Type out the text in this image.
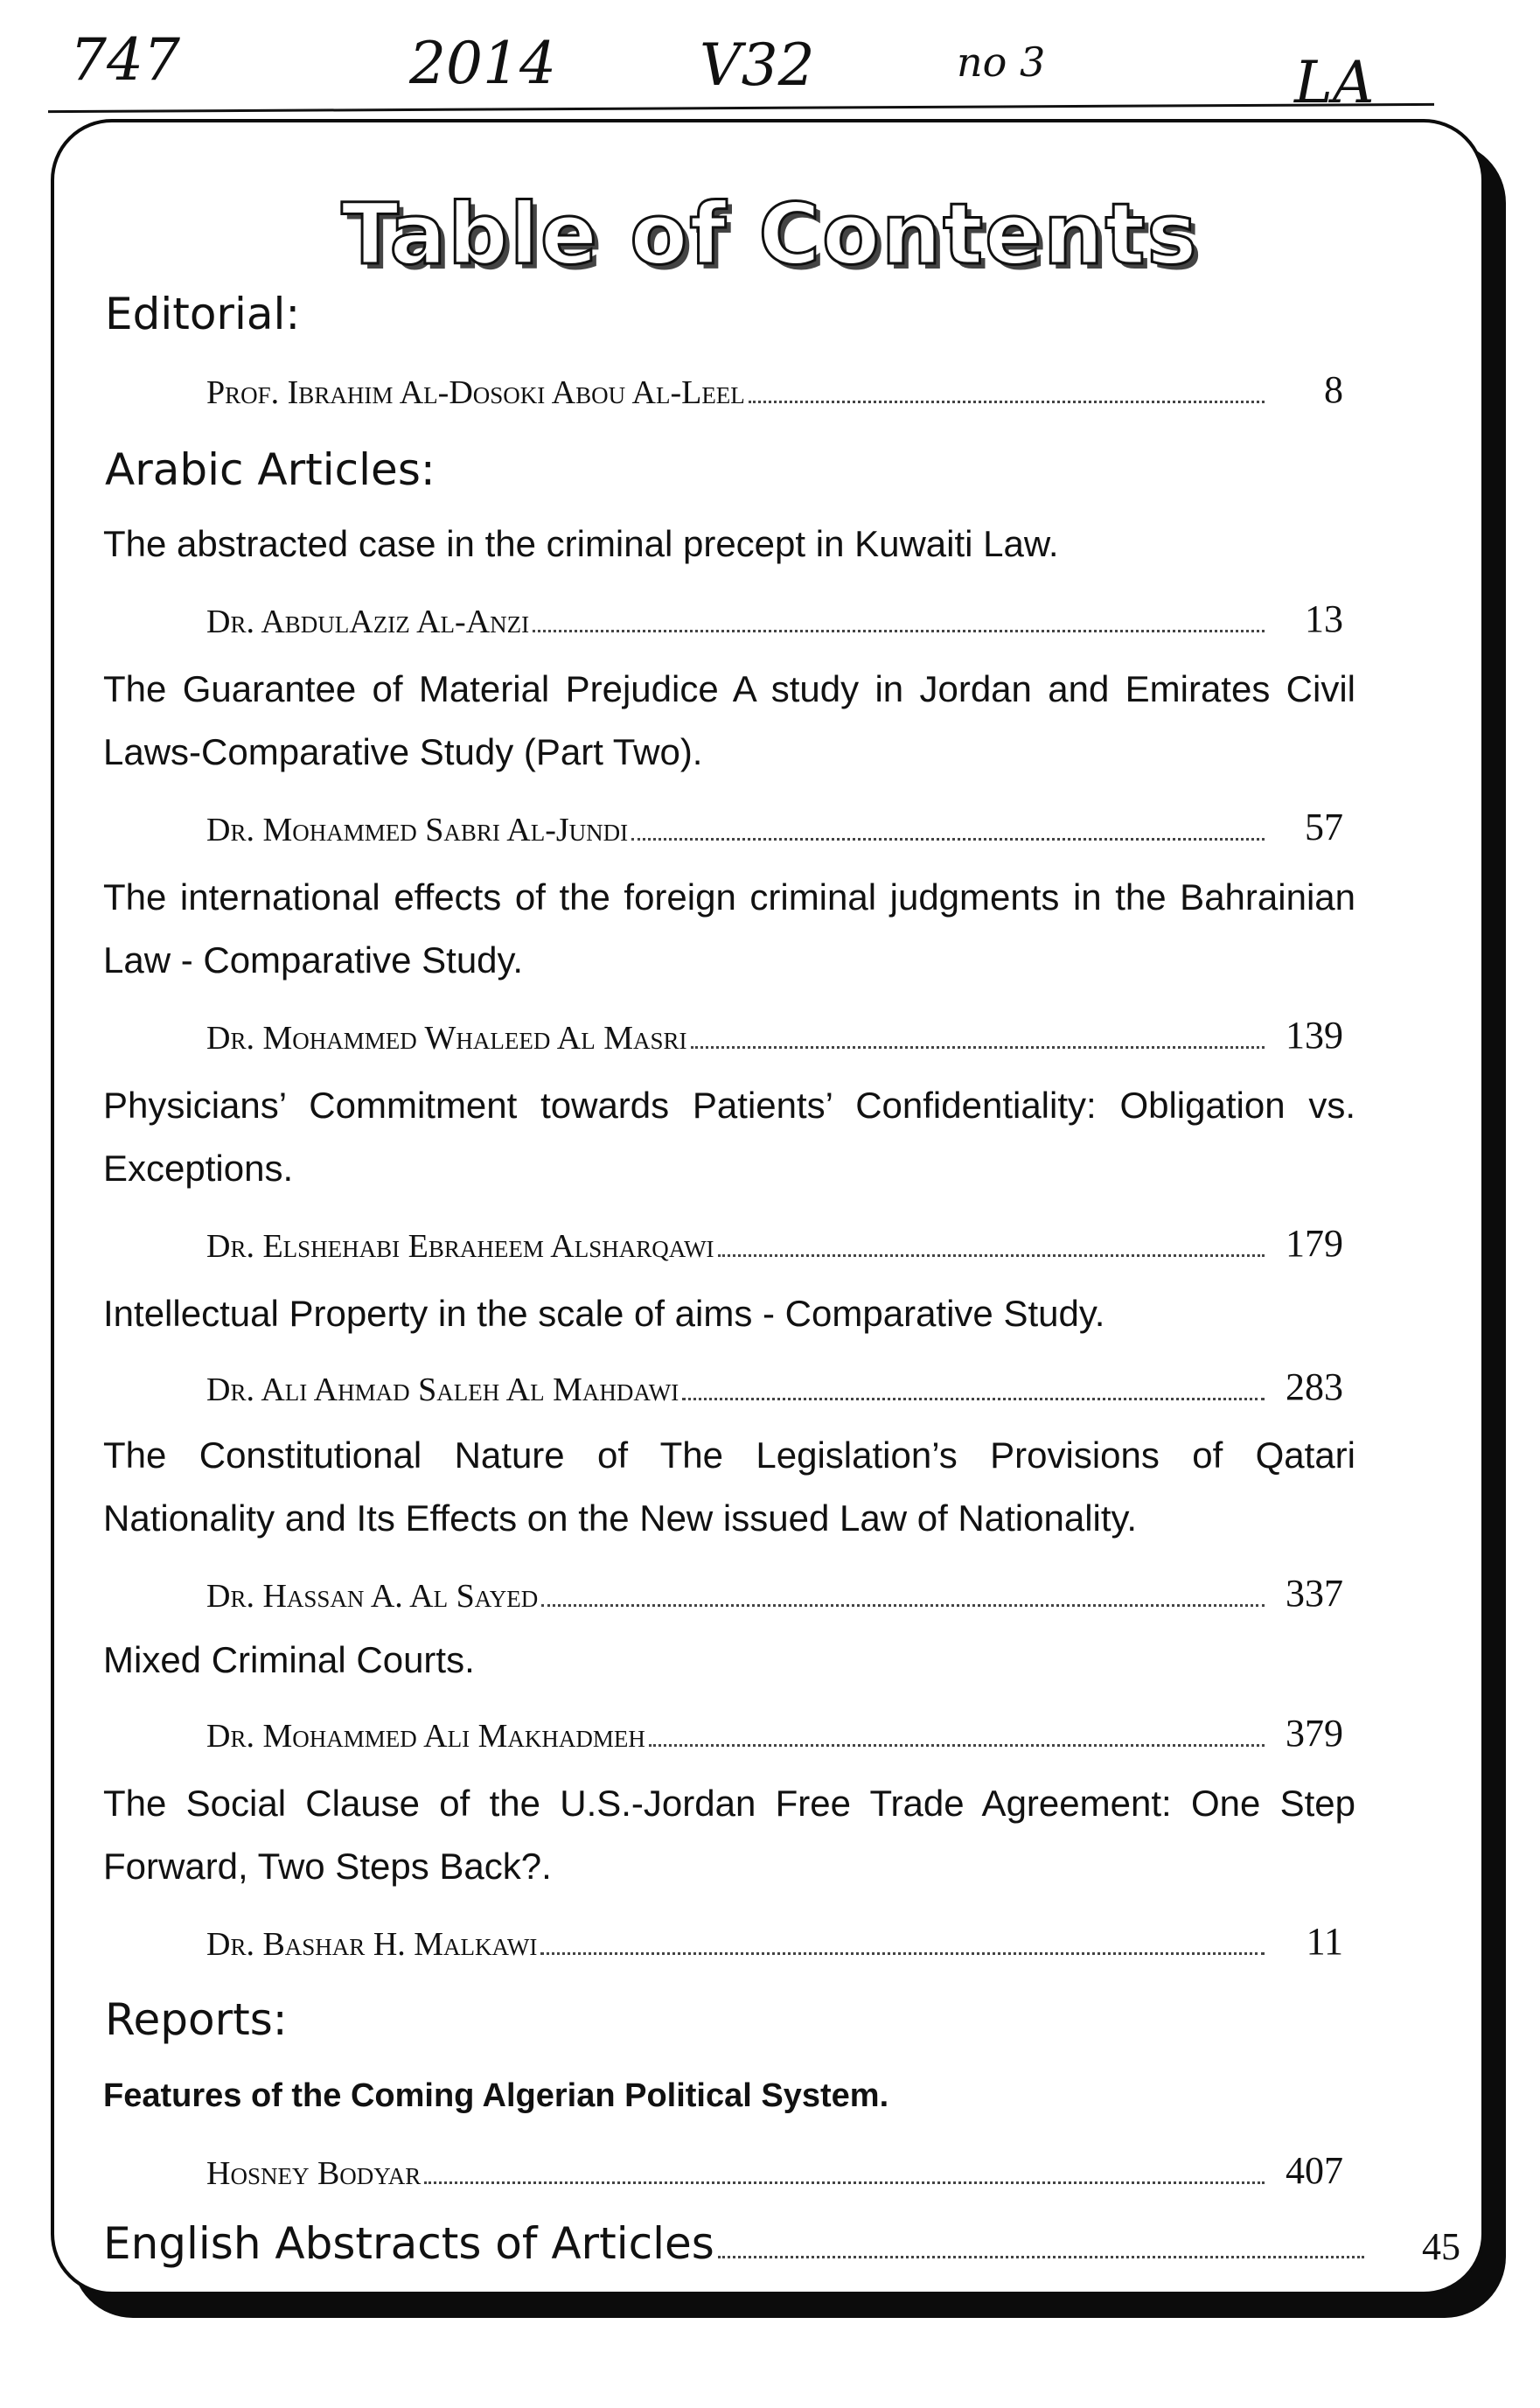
747	2014 V32	no 3	LA
Table of Contents
Editorial:
Prof. Ibrahim Al-Dosoki Abou Al-Leel	8
Arabic Articles:
The abstracted case in the criminal precept in Kuwaiti Law.
Dr. AbdulAziz Al-Anzi	13
The Guarantee of Material Prejudice A study in Jordan and Emirates Civil Laws-Comparative Study (Part Two).
Dr. Mohammed Sabri Al-Jundi	57
The international effects of the foreign criminal judgments in the Bahrainian Law - Comparative Study.
Dr. Mohammed Whaleed Al Masri	139
Physicians’ Commitment towards Patients’ Confidentiality: Obligation vs. Exceptions.
Dr. Elshehabi Ebraheem Alsharqawi	179
Intellectual Property in the scale of aims - Comparative Study.
Dr. Ali Ahmad Saleh Al Mahdawi	283
The Constitutional Nature of The Legislation’s Provisions of Qatari Nationality and Its Effects on the New issued Law of Nationality.
Dr. Hassan A. Al Sayed	337
Mixed Criminal Courts.
Dr. Mohammed Ali Makhadmeh	379
The Social Clause of the U.S.-Jordan Free Trade Agreement: One Step Forward, Two Steps Back?.
Dr. Bashar H. Malkawi	11
Reports:
Features of the Coming Algerian Political System.
Hosney Bodyar	407
English Abstracts of Articles	45
